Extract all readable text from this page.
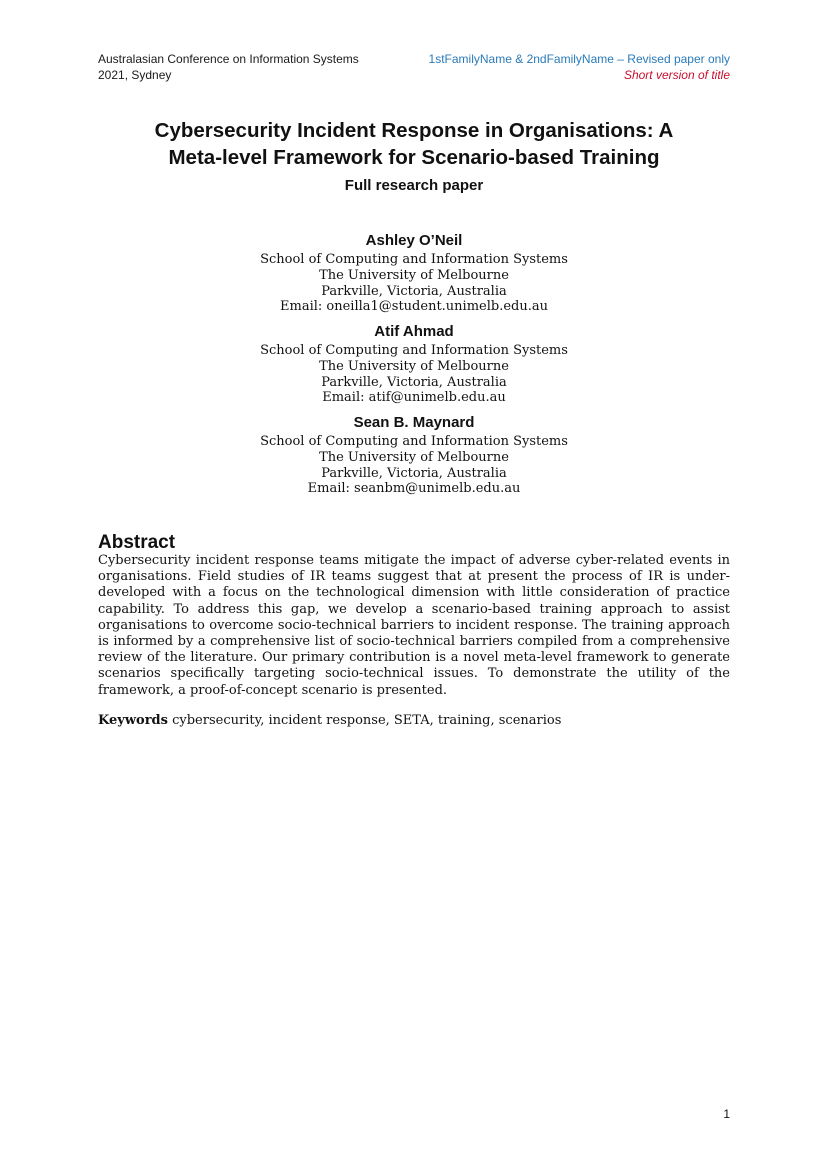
Australasian Conference on Information Systems
2021, Sydney
1stFamilyName & 2ndFamilyName – Revised paper only
Short version of title
Cybersecurity Incident Response in Organisations: A
Meta-level Framework for Scenario-based Training
Full research paper
Ashley O’Neil
School of Computing and Information Systems
The University of Melbourne
Parkville, Victoria, Australia
Email: oneilla1@student.unimelb.edu.au
Atif Ahmad
School of Computing and Information Systems
The University of Melbourne
Parkville, Victoria, Australia
Email: atif@unimelb.edu.au
Sean B. Maynard
School of Computing and Information Systems
The University of Melbourne
Parkville, Victoria, Australia
Email: seanbm@unimelb.edu.au
Abstract
Cybersecurity incident response teams mitigate the impact of adverse cyber-related events in organisations. Field studies of IR teams suggest that at present the process of IR is under-developed with a focus on the technological dimension with little consideration of practice capability. To address this gap, we develop a scenario-based training approach to assist organisations to overcome socio-technical barriers to incident response. The training approach is informed by a comprehensive list of socio-technical barriers compiled from a comprehensive review of the literature. Our primary contribution is a novel meta-level framework to generate scenarios specifically targeting socio-technical issues. To demonstrate the utility of the framework, a proof-of-concept scenario is presented.
Keywords cybersecurity, incident response, SETA, training, scenarios
1
